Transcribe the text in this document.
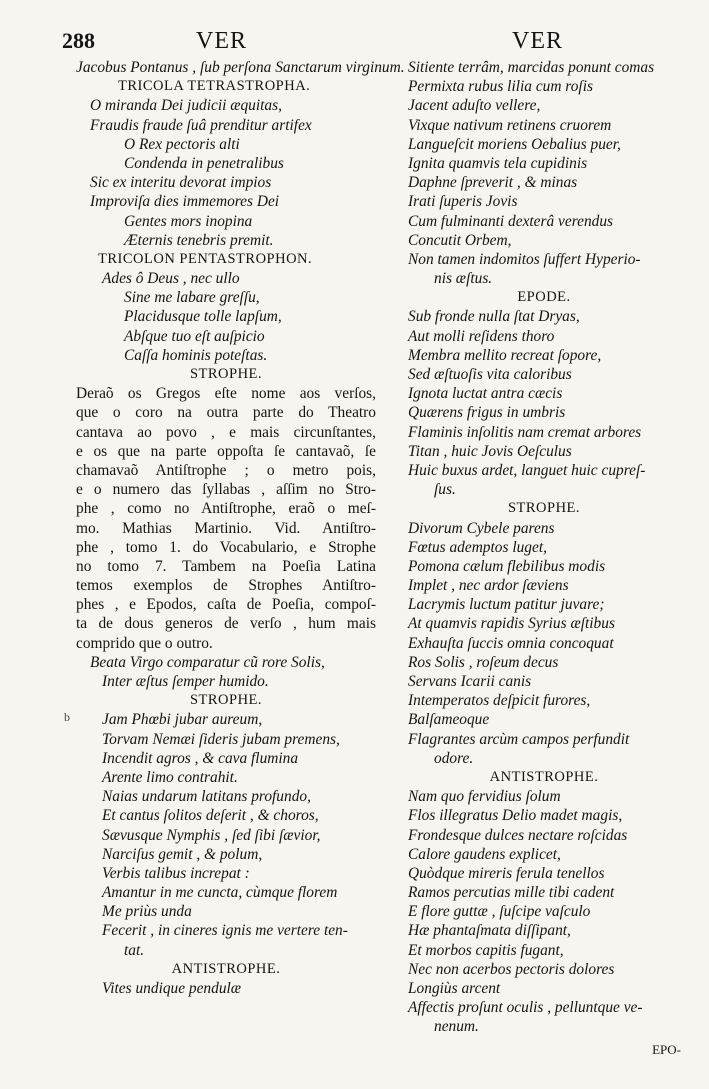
288	VER	VER
b
Jacobus Pontanus , ſub perſona Sanctarum virginum.
TRICOLA TETRASTROPHA.
O miranda Dei judicii æquitas,
Fraudis fraude ſuâ prenditur artifex
O Rex pectoris alti
Condenda in penetralibus
Sic ex interitu devorat impios
Improviſa dies immemores Dei
Gentes mors inopina
Æternis tenebris premit.
TRICOLON PENTASTROPHON.
Ades ô Deus , nec ullo
Sine me labare greſſu,
Placidusque tolle lapſum,
Abſque tuo eſt auſpicio
Caſſa hominis poteſtas.
STROPHE.
Deraõ os Gregos eſte nome aos verſos,
que o coro na outra parte do Theatro
cantava ao povo , e mais circunſtantes,
e os que na parte oppoſta ſe cantavaõ, ſe
chamavaõ Antiſtrophe ; o metro pois,
e o numero das ſyllabas , aſſim no Stro-
phe , como no Antiſtrophe, eraõ o meſ-
mo. Mathias Martinio. Vid. Antiſtro-
phe , tomo 1. do Vocabulario, e Strophe
no tomo 7. Tambem na Poeſia Latina
temos exemplos de Strophes Antiſtro-
phes , e Epodos, caſta de Poeſia, compoſ-
ta de dous generos de verſo , hum mais
comprido que o outro.
Beata Virgo comparatur cũ rore Solis,
Inter æſtus ſemper humido.
STROPHE.
Jam Phœbi jubar aureum,
Torvam Nemæi ſideris jubam premens,
Incendit agros , & cava flumina
Arente limo contrahit.
Naias undarum latitans profundo,
Et cantus ſolitos deſerit , & choros,
Sævusque Nymphis , ſed ſibi ſævior,
Narciſus gemit , & polum,
Verbis talibus increpat :
Amantur in me cuncta, cùmque florem
Me priùs unda
Fecerit , in cineres ignis me vertere ten-
tat.
ANTISTROPHE.
Vites undique pendulæ
Sitiente terrâm, marcidas ponunt comas
Permixta rubus lilia cum roſis
Jacent aduſto vellere,
Vixque nativum retinens cruorem
Langueſcit moriens Oebalius puer,
Ignita quamvis tela cupidinis
Daphne ſpreverit , & minas
Irati ſuperis Jovis
Cum fulminanti dexterâ verendus
Concutit Orbem,
Non tamen indomitos ſuffert Hyperio-
nis æſtus.
EPODE.
Sub fronde nulla ſtat Dryas,
Aut molli reſidens thoro
Membra mellito recreat ſopore,
Sed æſtuoſis vita caloribus
Ignota luctat antra cæcis
Quærens frigus in umbris
Flaminis inſolitis nam cremat arbores
Titan , huic Jovis Oeſculus
Huic buxus ardet, languet huic cupreſ-
ſus.
STROPHE.
Divorum Cybele parens
Fœtus ademptos luget,
Pomona cælum flebilibus modis
Implet , nec ardor ſæviens
Lacrymis luctum patitur juvare;
At quamvis rapidis Syrius æſtibus
Exhauſta ſuccis omnia concoquat
Ros Solis , roſeum decus
Servans Icarii canis
Intemperatos deſpicit furores,
Balſameoque
Flagrantes arcùm campos perfundit
odore.
ANTISTROPHE.
Nam quo fervidius ſolum
Flos illegratus Delio madet magis,
Frondesque dulces nectare roſcidas
Calore gaudens explicet,
Quòdque mireris ferula tenellos
Ramos percutias mille tibi cadent
E flore guttæ , ſuſcipe vaſculo
Hæ phantaſmata diſſipant,
Et morbos capitis fugant,
Nec non acerbos pectoris dolores
Longiùs arcent
Affectis proſunt oculis , pelluntque ve-
nenum.
EPO-
